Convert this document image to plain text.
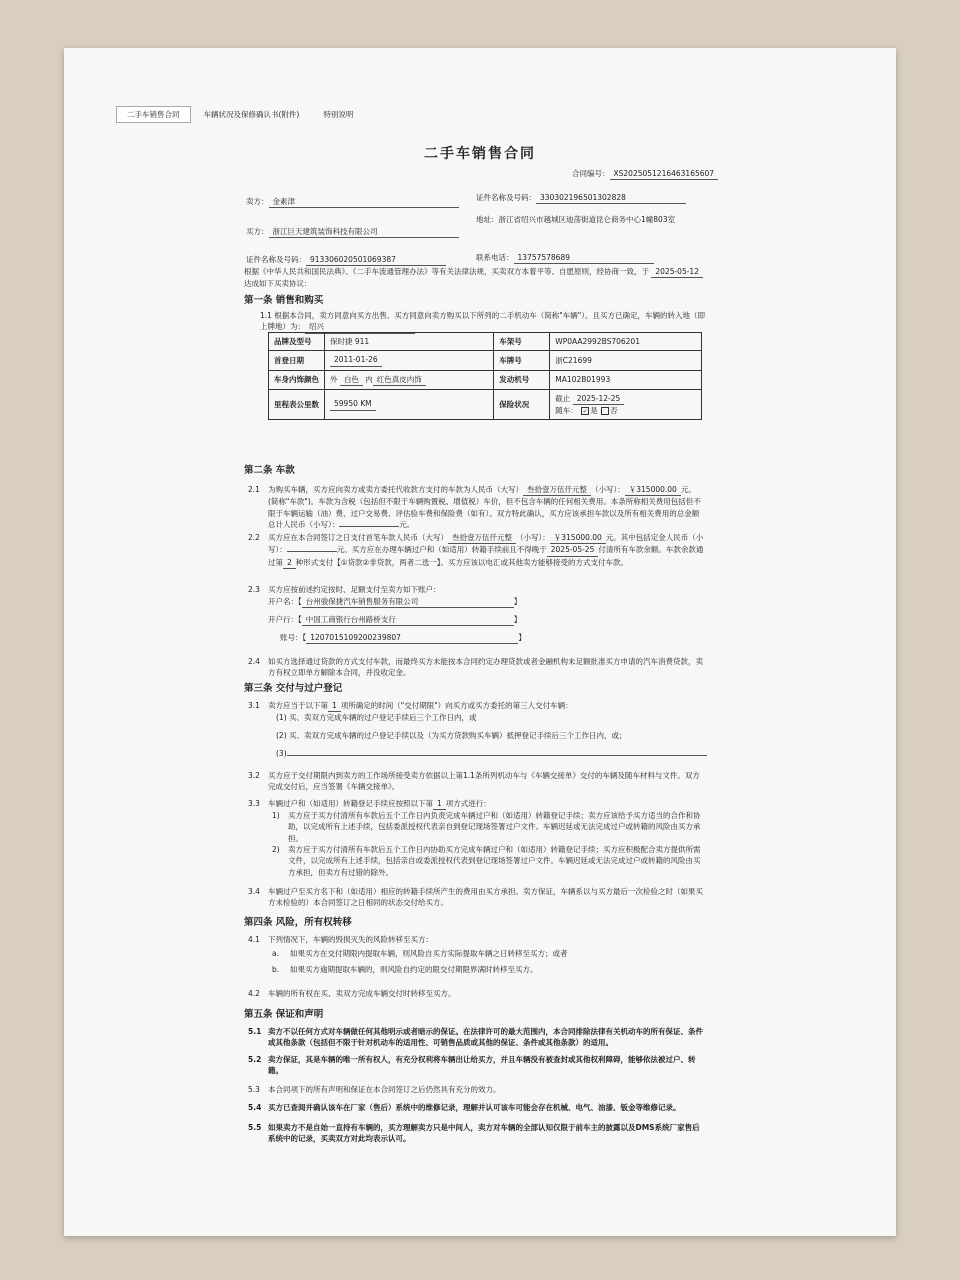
二手车销售合同	车辆状况及保修确认书(附件)	特别说明
二手车销售合同
合同编号： XS2025051216463165607
卖方： 金素津	证件名称及号码： 330302196501302828
买方： 浙江巨天建筑装饰科技有限公司
地址：浙江省绍兴市越城区迪荡街道昆仑商务中心1幢803室
证件名称及号码： 91330602050106938​7	联系电话： 13757578689
根据《中华人民共和国民法典》、《二手车流通管理办法》等有关法律法规，买卖双方本着平等、自愿原则，经协商一致，于 2025-05-12 达成如下买卖协议：
第一条 销售和购买
1.1 根据本合同，卖方同意向买方出售、买方同意向卖方购买以下所列的二手机动车（简称"车辆"）。且买方已确定，车辆的转入地（即上牌地）为： 绍兴
品牌及型号	保时捷 911	车架号	WP0AA2992BS706201
首登日期	2011-01-26	车牌号	浙C21699
车身内饰颜色	外 白色 内 红色真皮内饰	发动机号	MA102B01993
里程表公里数	59950 KM	保险状况	截止 2025-12-25
随车： ✓ 是 否
第二条 车款
2.1 为购买车辆，买方应向卖方或卖方委托代收款方支付的车款为人民币（大写） 叁拾壹万伍仟元整 （小写）： ￥315000.00 元。(简称"车款")。车款为含税（包括但不限于车辆购置税、增值税）车价，但不包含车辆的任何相关费用。本条所称相关费用包括但不限于车辆运输（油）费、过户交易费、评估验车费和保险费（如有）。双方特此确认，买方应该承担车款以及所有相关费用的总金额总计人民币（小写）：	元。
2.2 买方应在本合同签订之日支付首笔车款人民币（大写） 叁拾壹万伍仟元整 （小写）： ￥315000.00 元。其中包括定金人民币（小写）：	元。买方应在办理车辆过户和（如适用）转籍手续前且不得晚于 2025-05-25 付清所有车款余额。车款余款通过第 2 种形式支付【①贷款②非贷款，两者二选一】。买方应该以电汇或其他卖方能够接受的方式支付车款。
2.3 买方应按前述约定按时、足额支付至卖方如下账户：
开户名：【 台州骏保捷汽车销售服务有限公司	】
开户行：【 中国工商银行台州路桥支行	】
账号：【 1207015109200239807	】
2.4 如买方选择通过贷款的方式支付车款，而最终买方未能按本合同约定办理贷款或者金融机构未足额批准买方申请的汽车消费贷款，卖方有权立即单方解除本合同，并没收定金。
第三条 交付与过户登记
3.1 卖方应当于以下第 1 项所确定的时间（"交付期限"）向买方或买方委托的第三人交付车辆：
(1) 买、卖双方完成车辆的过户登记手续后三个工作日内，或
(2) 买、卖双方完成车辆的过户登记手续以及（为买方贷款购买车辆）抵押登记手续后三个工作日内，或；
(3)
3.2 买方应于交付期限内到卖方的工作场所接受卖方依据以上第1.1条所列机动车与《车辆交接单》交付的车辆及随车材料与文件。双方完成交付后，应当签署《车辆交接单》。
3.3 车辆过户和（如适用）转籍登记手续应按照以下第 1 项方式进行：
1) 买方应于买方付清所有车款后五个工作日内负责完成车辆过户和（如适用）转籍登记手续；卖方应该给予买方适当的合作和协助，以完成所有上述手续，包括委派授权代表亲自到登记现场签署过户文件。车辆迟延或无法完成过户或转籍的风险由买方承担。
2) 卖方应于买方付清所有车款后五个工作日内协助买方完成车辆过户和（如适用）转籍登记手续；买方应积极配合卖方提供所需文件，以完成所有上述手续，包括亲自或委派授权代表到登记现场签署过户文件。车辆迟延或无法完成过户或转籍的风险由买方承担，但卖方有过错的除外。
3.4 车辆过户至买方名下和（如适用）相应的转籍手续所产生的费用由买方承担。卖方保证，车辆系以与买方最后一次检验之时（如果买方未检验的）本合同签订之日相同的状态交付给买方。
第四条 风险，所有权转移
4.1 下列情况下，车辆的毁损灭失的风险转移至买方：
a. 如果买方在交付期限内提取车辆，则风险自买方实际提取车辆之日转移至买方；或者
b. 如果买方逾期提取车辆的，则风险自约定的限交付期限界满时转移至买方。
4.2 车辆的所有权在买、卖双方完成车辆交付时转移至买方。
第五条 保证和声明
5.1 卖方不以任何方式对车辆做任何其他明示或者暗示的保证。在法律许可的最大范围内，本合同排除法律有关机动车的所有保证、条件或其他条款（包括但不限于针对机动车的适用性、可销售品质或其他的保证、条件或其他条款）的适用。
5.2 卖方保证，其是车辆的唯一所有权人，有充分权利将车辆出让给买方，并且车辆没有被查封或其他权利障碍，能够依法被过户、转籍。
5.3 本合同项下的所有声明和保证在本合同签订之后仍然具有充分的效力。
5.4 买方已查阅并确认该车在厂家（售后）系统中的维修记录，理解并认可该车可能会存在机械、电气、油漆、钣金等维修记录。
5.5 如果卖方不是自始一直持有车辆的，买方理解卖方只是中间人，卖方对车辆的全部认知仅限于前车主的披露以及DMS系统厂家售后系统中的记录，买卖双方对此均表示认可。
